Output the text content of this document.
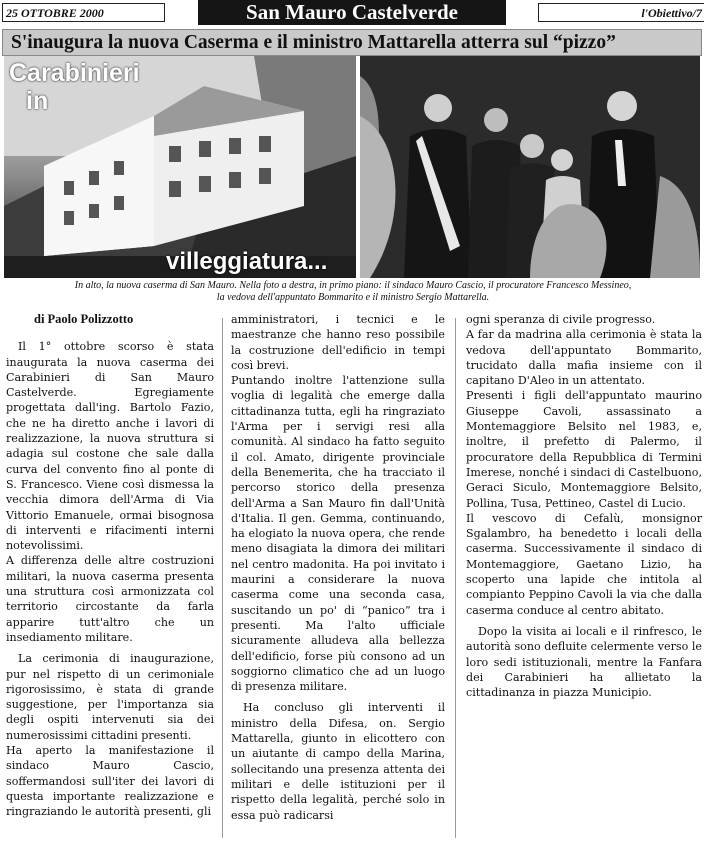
25 OTTOBRE 2000	San Mauro Castelverde	l'Obiettivo/7
S'inaugura la nuova Caserma e il ministro Mattarella atterra sul “pizzo”
Carabinieri
in
villeggiatura...
In alto, la nuova caserma di San Mauro. Nella foto a destra, in primo piano: il sindaco Mauro Cascio, il procuratore Francesco Messineo,
la vedova dell'appuntato Bommarito e il ministro Sergio Mattarella.
di Paolo Polizzotto

Il 1° ottobre scorso è stata inaugurata la nuova caserma dei Carabinieri di San Mauro Castelverde. Egregiamente progettata dall'ing. Bartolo Fazio, che ne ha diretto anche i lavori di realizzazione, la nuova struttura si adagia sul costone che sale dalla curva del convento fino al ponte di S. Francesco. Viene così dismessa la vecchia dimora dell'Arma di Via Vittorio Emanuele, ormai bisognosa di interventi e rifacimenti interni notevolissimi.

A differenza delle altre costruzioni militari, la nuova caserma presenta una struttura così armonizzata col territorio circostante da farla apparire tutt'altro che un insediamento militare.

La cerimonia di inaugurazione, pur nel rispetto di un cerimoniale rigorosissimo, è stata di grande suggestione, per l'importanza sia degli ospiti intervenuti sia dei numerosissimi cittadini presenti.

Ha aperto la manifestazione il sindaco Mauro Cascio, soffermandosi sull'iter dei lavori di questa importante realizzazione e ringraziando le autorità presenti, gli

amministratori, i tecnici e le maestranze che hanno reso possibile la costruzione dell'edificio in tempi così brevi.

Puntando inoltre l'attenzione sulla voglia di legalità che emerge dalla cittadinanza tutta, egli ha ringraziato l'Arma per i servigi resi alla comunità. Al sindaco ha fatto seguito il col. Amato, dirigente provinciale della Benemerita, che ha tracciato il percorso storico della presenza dell'Arma a San Mauro fin dall'Unità d'Italia. Il gen. Gemma, continuando, ha elogiato la nuova opera, che rende meno disagiata la dimora dei militari nel centro madonita. Ha poi invitato i maurini a considerare la nuova caserma come una seconda casa, suscitando un po' di “panico” tra i presenti. Ma l'alto ufficiale sicuramente alludeva alla bellezza dell'edificio, forse più consono ad un soggiorno climatico che ad un luogo di presenza militare.

Ha concluso gli interventi il ministro della Difesa, on. Sergio Mattarella, giunto in elicottero con un aiutante di campo della Marina, sollecitando una presenza attenta dei militari e delle istituzioni per il rispetto della legalità, perché solo in essa può radicarsi

ogni speranza di civile progresso.

A far da madrina alla cerimonia è stata la vedova dell'appuntato Bommarito, trucidato dalla mafia insieme con il capitano D'Aleo in un attentato.

Presenti i figli dell'appuntato maurino Giuseppe Cavoli, assassinato a Montemaggiore Belsito nel 1983, e, inoltre, il prefetto di Palermo, il procuratore della Repubblica di Termini Imerese, nonché i sindaci di Castelbuono, Geraci Siculo, Montemaggiore Belsito, Pollina, Tusa, Pettineo, Castel di Lucio.

Il vescovo di Cefalù, monsignor Sgalambro, ha benedetto i locali della caserma. Successivamente il sindaco di Montemaggiore, Gaetano Lizio, ha scoperto una lapide che intitola al compianto Peppino Cavoli la via che dalla caserma conduce al centro abitato.

Dopo la visita ai locali e il rinfresco, le autorità sono defluite celermente verso le loro sedi istituzionali, mentre la Fanfara dei Carabinieri ha allietato la cittadinanza in piazza Municipio.
